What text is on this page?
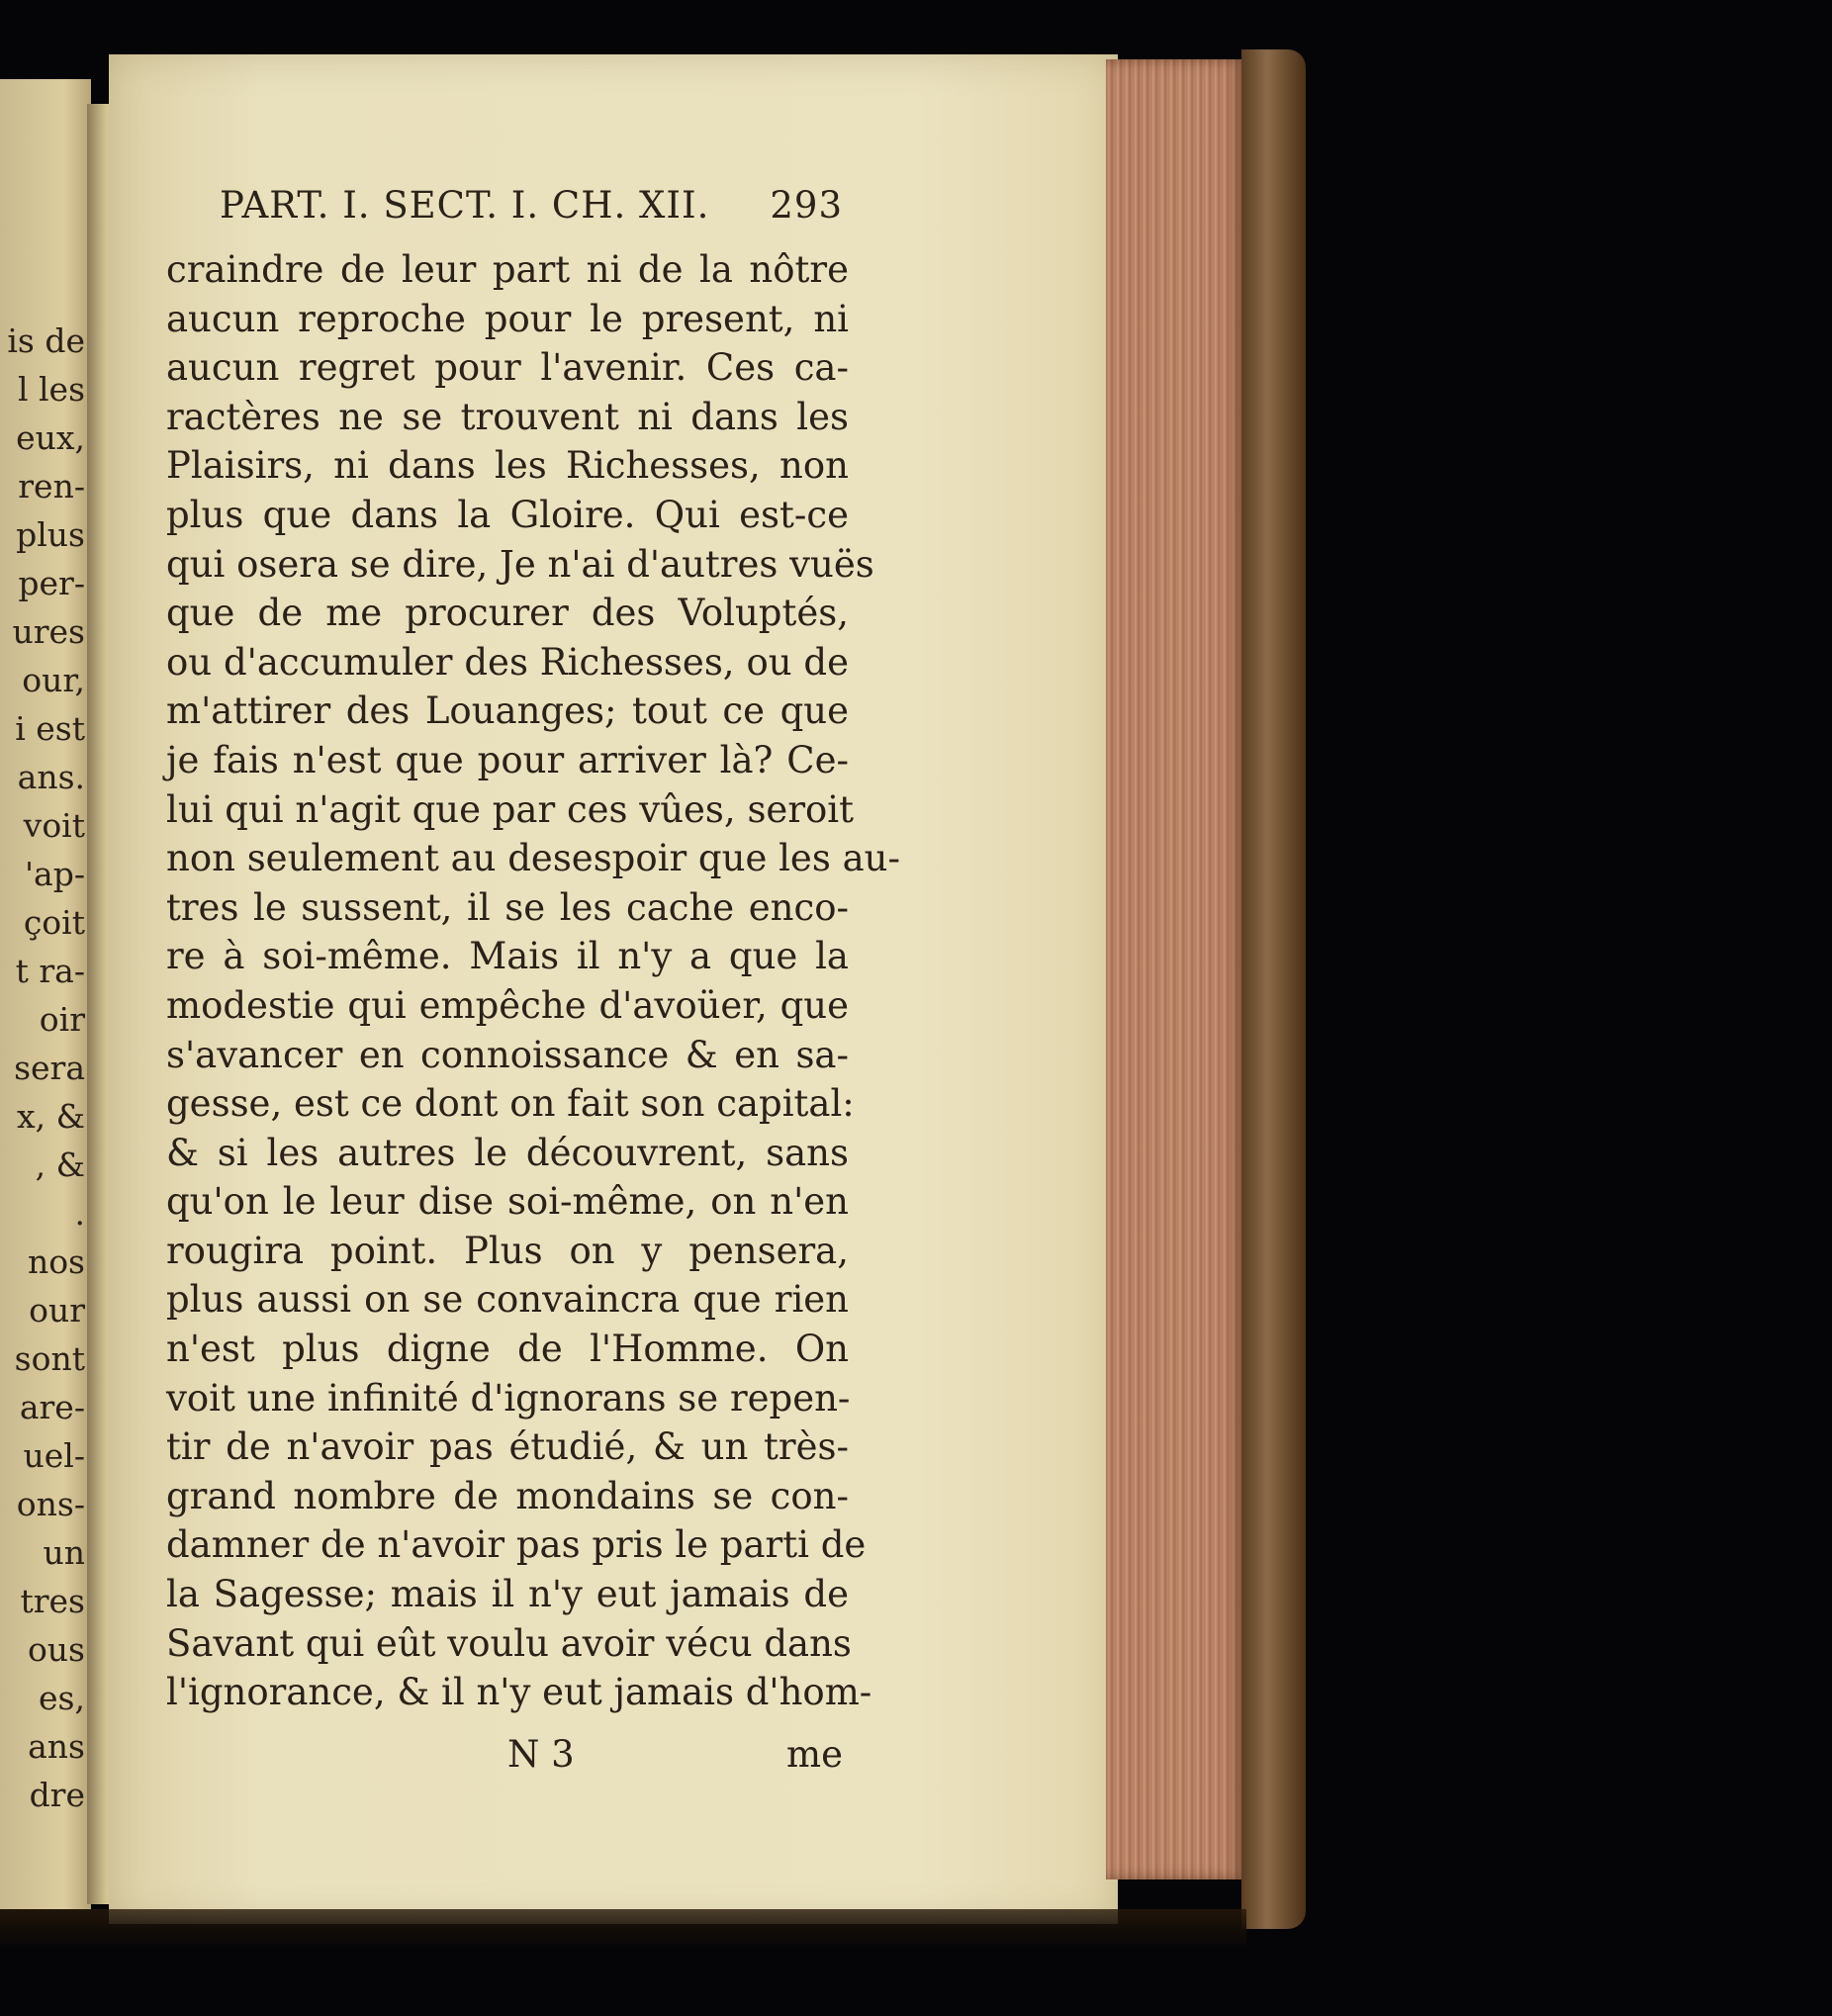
is de
l les
eux,
ren-
plus
per-
ures
our,
i est
ans.
voit
'ap-
çoit
t ra-
oir
sera
x, &
, &
.
nos
our
sont
are-
uel-
ons-
un
tres
ous
es,
ans
dre
PART. I. SECT. I. CH. XII. 293
craindre de leur part ni de la nôtre
aucun reproche pour le present, ni
aucun regret pour l'avenir. Ces ca-
ractères ne se trouvent ni dans les
Plaisirs, ni dans les Richesses, non
plus que dans la Gloire. Qui est-ce
qui osera se dire, Je n'ai d'autres vuës
que de me procurer des Voluptés,
ou d'accumuler des Richesses, ou de
m'attirer des Louanges; tout ce que
je fais n'est que pour arriver là? Ce-
lui qui n'agit que par ces vûes, seroit
non seulement au desespoir que les au-
tres le sussent, il se les cache enco-
re à soi-même. Mais il n'y a que la
modestie qui empêche d'avoüer, que
s'avancer en connoissance & en sa-
gesse, est ce dont on fait son capital:
& si les autres le découvrent, sans
qu'on le leur dise soi-même, on n'en
rougira point. Plus on y pensera,
plus aussi on se convaincra que rien
n'est plus digne de l'Homme. On
voit une infinité d'ignorans se repen-
tir de n'avoir pas étudié, & un très-
grand nombre de mondains se con-
damner de n'avoir pas pris le parti de
la Sagesse; mais il n'y eut jamais de
Savant qui eût voulu avoir vécu dans
l'ignorance, & il n'y eut jamais d'hom-
N 3	me
